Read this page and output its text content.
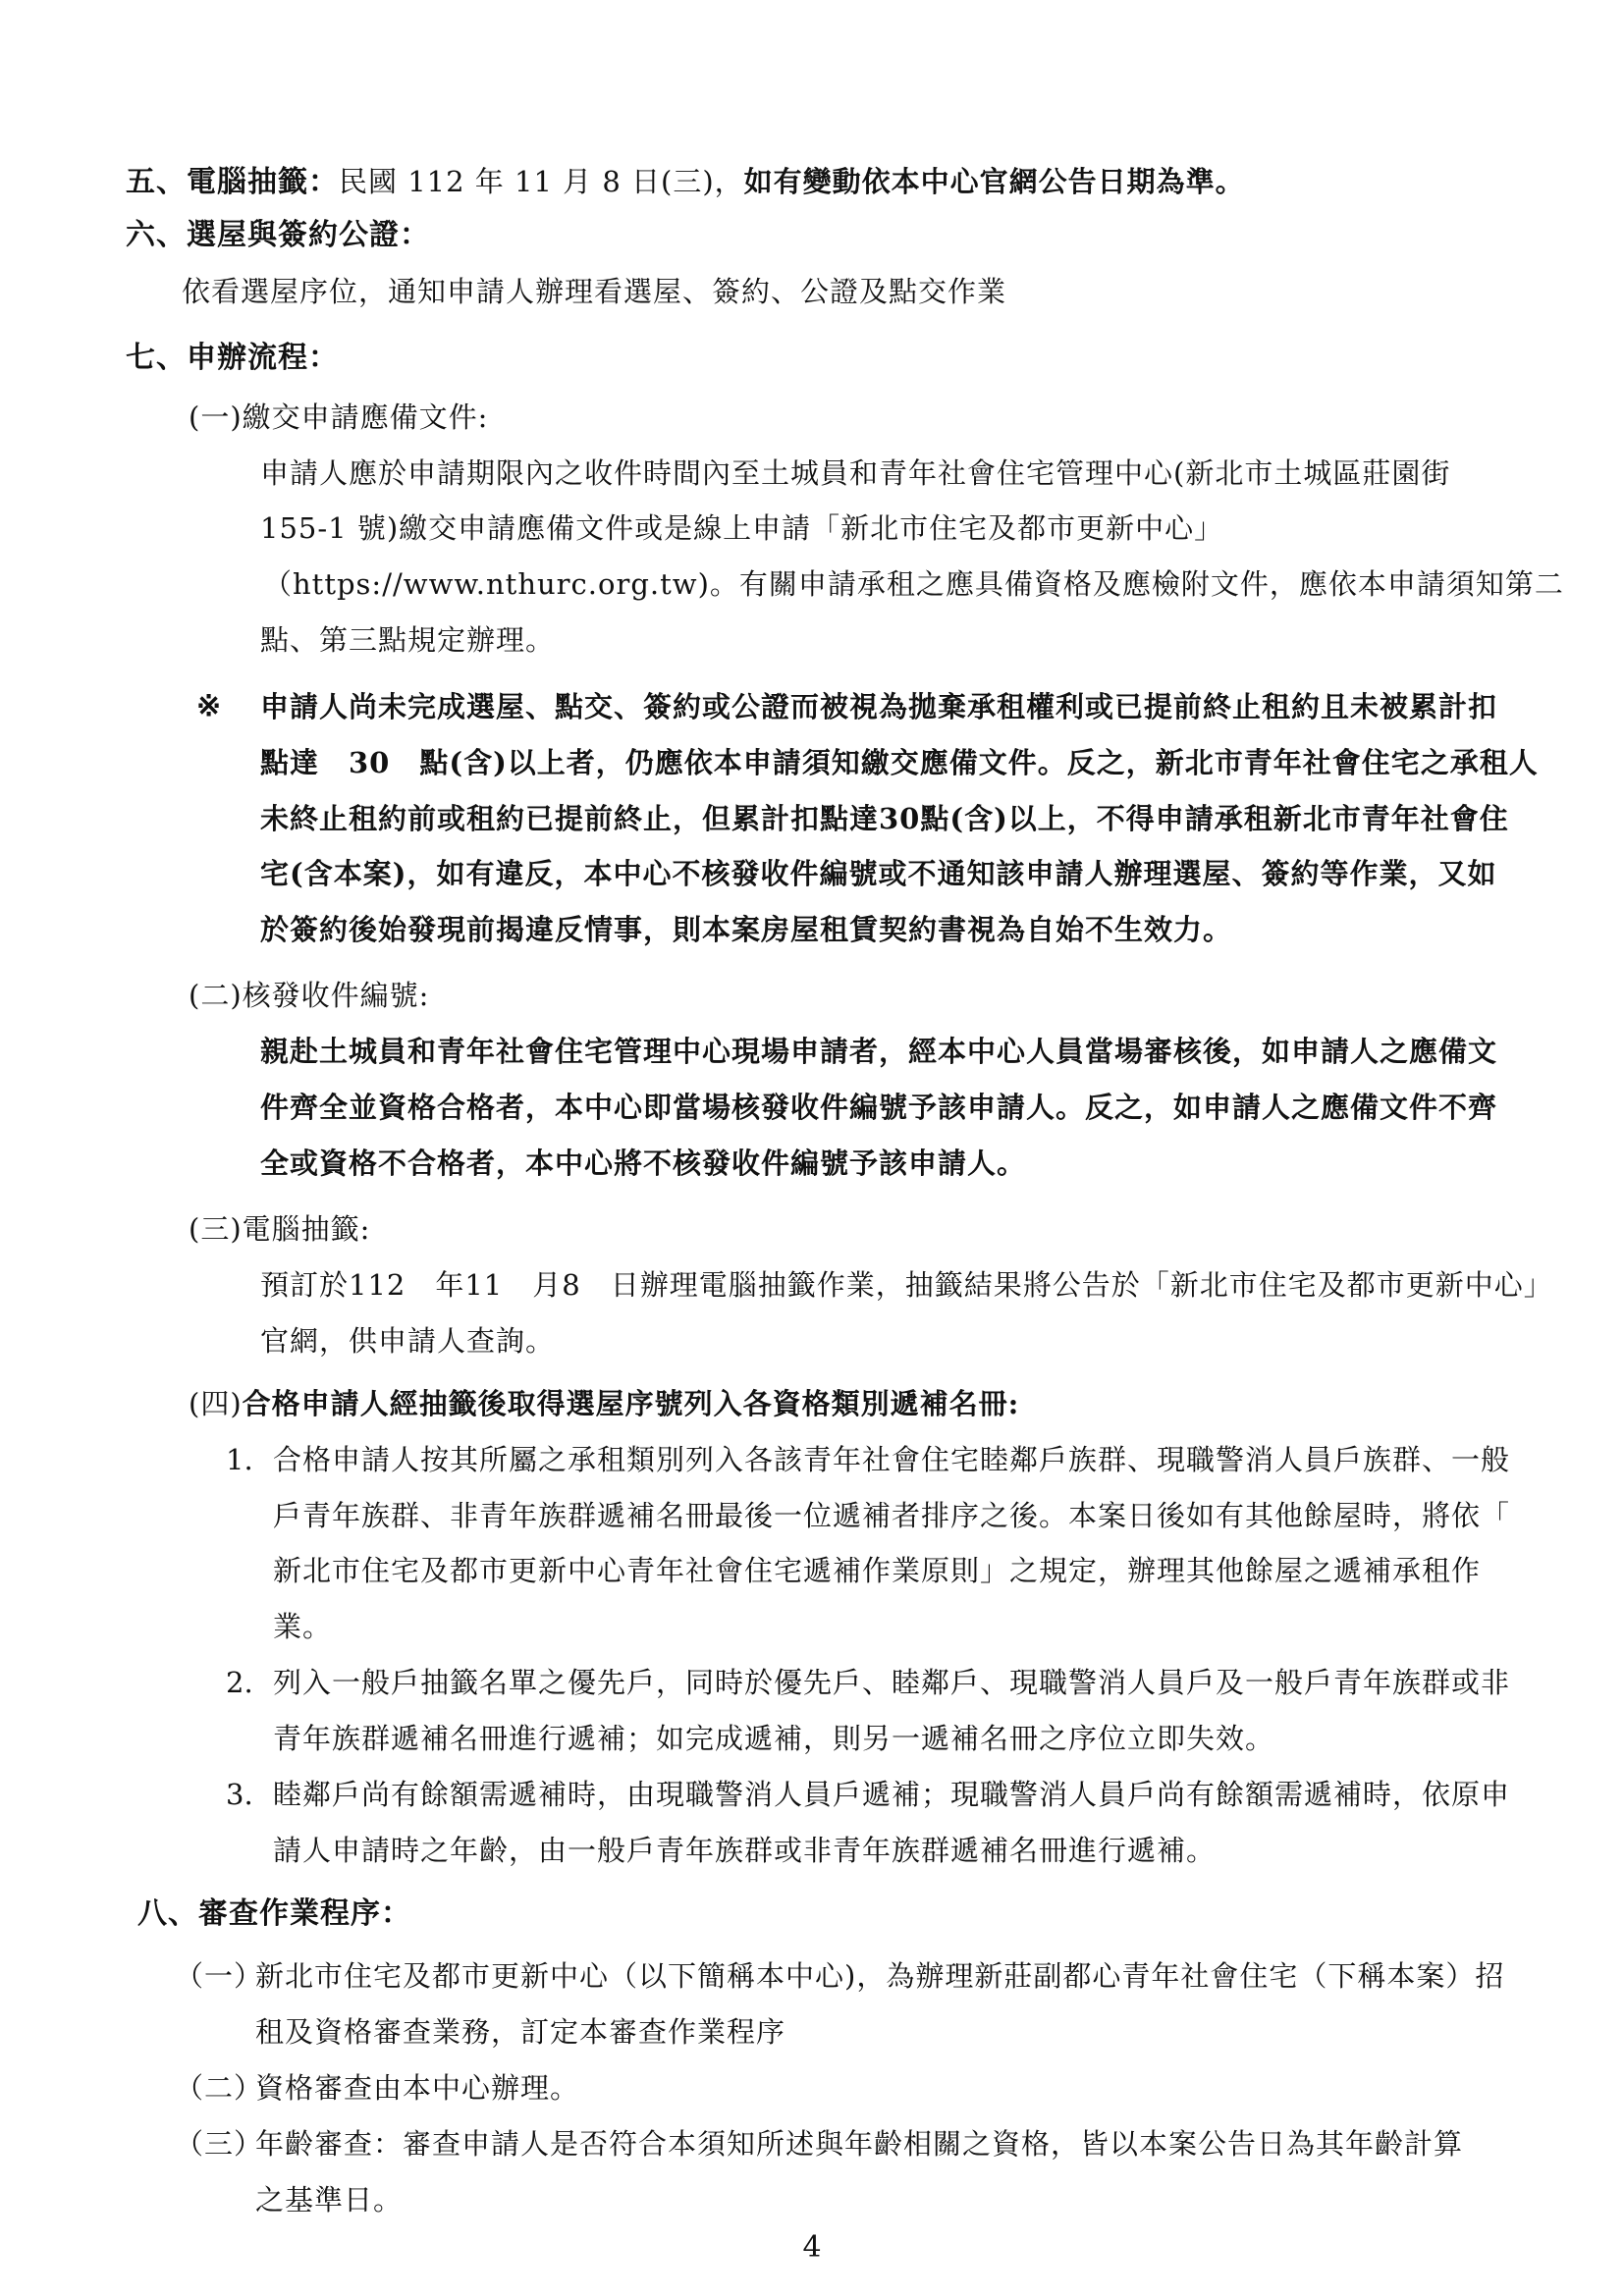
五、電腦抽籤：民國 112 年 11 月 8 日(三)，如有變動依本中心官網公告日期為準。
六、選屋與簽約公證：
依看選屋序位，通知申請人辦理看選屋、簽約、公證及點交作業
七、申辦流程：
(一)繳交申請應備文件:
申請人應於申請期限內之收件時間內至土城員和青年社會住宅管理中心(新北市土城區莊園街
155-1 號)繳交申請應備文件或是線上申請「新北市住宅及都市更新中心」
（https://www.nthurc.org.tw)。有關申請承租之應具備資格及應檢附文件，應依本申請須知第二
點、第三點規定辦理。
※ 申請人尚未完成選屋、點交、簽約或公證而被視為拋棄承租權利或已提前終止租約且未被累計扣
點達　30　點(含)以上者，仍應依本申請須知繳交應備文件。反之，新北市青年社會住宅之承租人
未終止租約前或租約已提前終止，但累計扣點達30點(含)以上，不得申請承租新北市青年社會住
宅(含本案)，如有違反，本中心不核發收件編號或不通知該申請人辦理選屋、簽約等作業，又如
於簽約後始發現前揭違反情事，則本案房屋租賃契約書視為自始不生效力。
(二)核發收件編號:
親赴土城員和青年社會住宅管理中心現場申請者，經本中心人員當場審核後，如申請人之應備文
件齊全並資格合格者，本中心即當場核發收件編號予該申請人。反之，如申請人之應備文件不齊
全或資格不合格者，本中心將不核發收件編號予該申請人。
(三)電腦抽籤:
預訂於112　年11　月8　日辦理電腦抽籤作業，抽籤結果將公告於「新北市住宅及都市更新中心」
官網，供申請人查詢。
(四)合格申請人經抽籤後取得選屋序號列入各資格類別遞補名冊:
1. 合格申請人按其所屬之承租類別列入各該青年社會住宅睦鄰戶族群、現職警消人員戶族群、一般
戶青年族群、非青年族群遞補名冊最後一位遞補者排序之後。本案日後如有其他餘屋時，將依「
新北市住宅及都市更新中心青年社會住宅遞補作業原則」之規定，辦理其他餘屋之遞補承租作
業。
2. 列入一般戶抽籤名單之優先戶，同時於優先戶、睦鄰戶、現職警消人員戶及一般戶青年族群或非
青年族群遞補名冊進行遞補；如完成遞補，則另一遞補名冊之序位立即失效。
3. 睦鄰戶尚有餘額需遞補時，由現職警消人員戶遞補；現職警消人員戶尚有餘額需遞補時，依原申
請人申請時之年齡，由一般戶青年族群或非青年族群遞補名冊進行遞補。
八、審查作業程序：
（一）
新北市住宅及都市更新中心（以下簡稱本中心)，為辦理新莊副都心青年社會住宅（下稱本案）招
租及資格審查業務，訂定本審查作業程序
（二）
資格審查由本中心辦理。
（三）
年齡審查：審查申請人是否符合本須知所述與年齡相關之資格，皆以本案公告日為其年齡計算
之基準日。
4
